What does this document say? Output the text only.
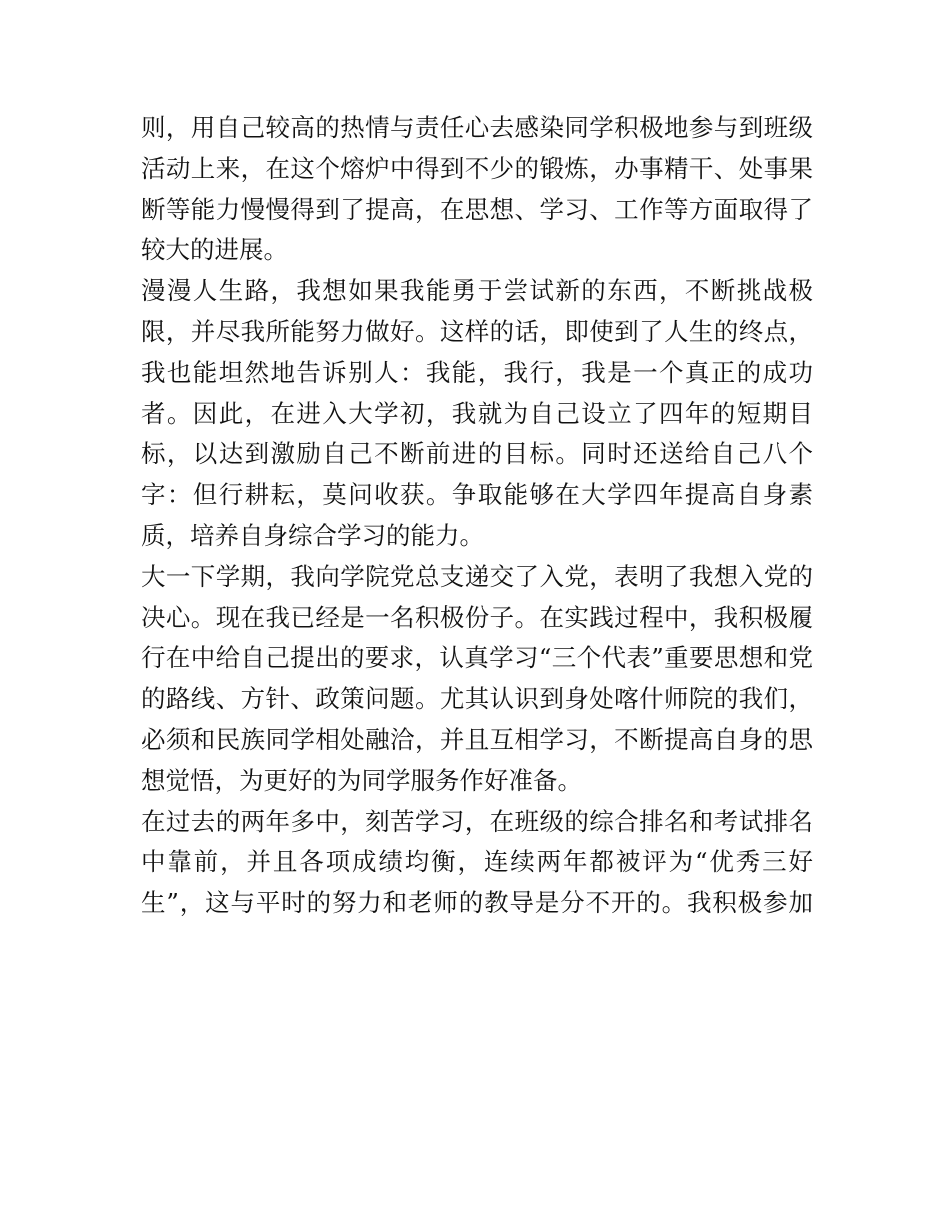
则，用自己较高的热情与责任心去感染同学积极地参与到班级
活动上来，在这个熔炉中得到不少的锻炼，办事精干、处事果
断等能力慢慢得到了提高，在思想、学习、工作等方面取得了
较大的进展。
漫漫人生路，我想如果我能勇于尝试新的东西，不断挑战极
限，并尽我所能努力做好。这样的话，即使到了人生的终点，
我也能坦然地告诉别人：我能，我行，我是一个真正的成功
者。因此，在进入大学初，我就为自己设立了四年的短期目
标，以达到激励自己不断前进的目标。同时还送给自己八个
字：但行耕耘，莫问收获。争取能够在大学四年提高自身素
质，培养自身综合学习的能力。
大一下学期，我向学院党总支递交了入党，表明了我想入党的
决心。现在我已经是一名积极份子。在实践过程中，我积极履
行在中给自己提出的要求，认真学习“三个代表”重要思想和党
的路线、方针、政策问题。尤其认识到身处喀什师院的我们，
必须和民族同学相处融洽，并且互相学习，不断提高自身的思
想觉悟，为更好的为同学服务作好准备。
在过去的两年多中，刻苦学习，在班级的综合排名和考试排名
中靠前，并且各项成绩均衡，连续两年都被评为“优秀三好
生”，这与平时的努力和老师的教导是分不开的。我积极参加
